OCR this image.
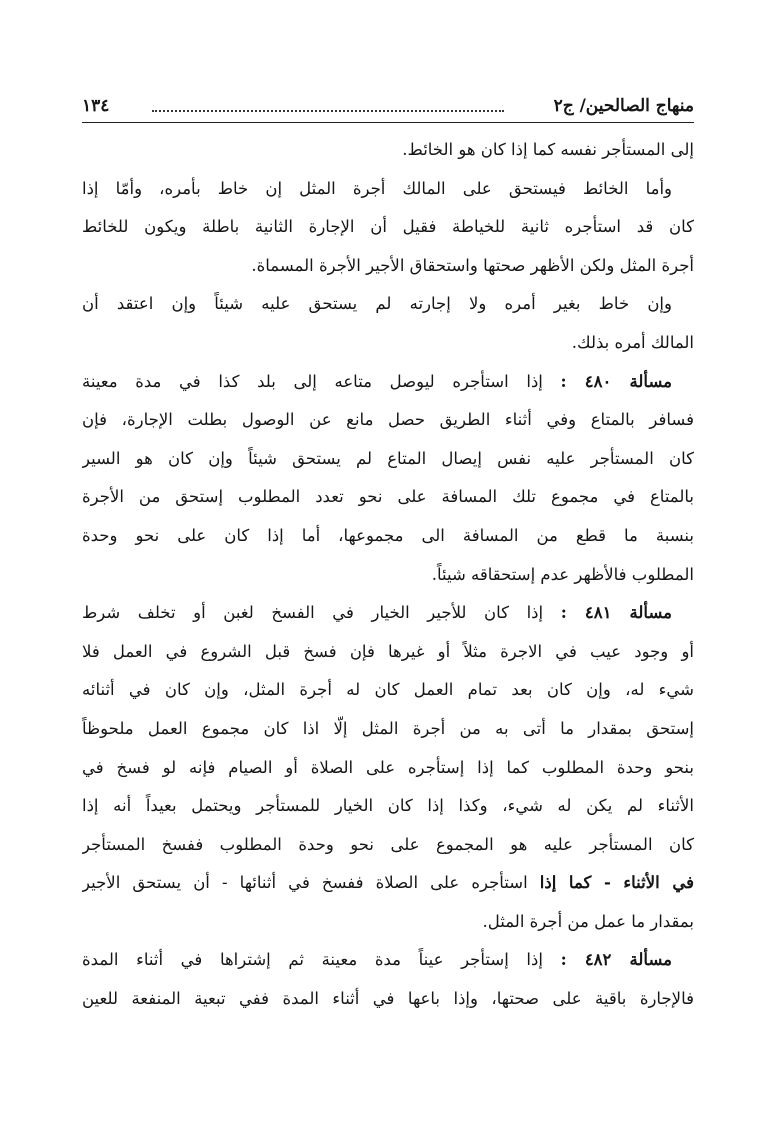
منهاج الصالحين/ ج٢
١٣٤
إلى المستأجر نفسه كما إذا كان هو الخائط.
وأما الخائط فيستحق على المالك أجرة المثل إن خاط بأمره، وأمّا إذا
كان قد استأجره ثانية للخياطة فقيل أن الإجارة الثانية باطلة ويكون للخائط
أجرة المثل ولكن الأظهر صحتها واستحقاق الأجير الأجرة المسماة.
وإن خاط بغير أمره ولا إجارته لم يستحق عليه شيئاً وإن اعتقد أن
المالك أمره بذلك.
مسألة ٤٨٠ : إذا استأجره ليوصل متاعه إلى بلد كذا في مدة معينة
فسافر بالمتاع وفي أثناء الطريق حصل مانع عن الوصول بطلت الإجارة، فإن
كان المستأجر عليه نفس إيصال المتاع لم يستحق شيئاً وإن كان هو السير
بالمتاع في مجموع تلك المسافة على نحو تعدد المطلوب إستحق من الأجرة
بنسبة ما قطع من المسافة الى مجموعها، أما إذا كان على نحو وحدة
المطلوب فالأظهر عدم إستحقاقه شيئاً.
مسألة ٤٨١ : إذا كان للأجير الخيار في الفسخ لغبن أو تخلف شرط
أو وجود عيب في الاجرة مثلاً أو غيرها فإن فسخ قبل الشروع في العمل فلا
شيء له، وإن كان بعد تمام العمل كان له أجرة المثل، وإن كان في أثنائه
إستحق بمقدار ما أتى به من أجرة المثل إلّا اذا كان مجموع العمل ملحوظاً
بنحو وحدة المطلوب كما إذا إستأجره على الصلاة أو الصيام فإنه لو فسخ في
الأثناء لم يكن له شيء، وكذا إذا كان الخيار للمستأجر ويحتمل بعيداً أنه إذا
كان المستأجر عليه هو المجموع على نحو وحدة المطلوب ففسخ المستأجر
في الأثناء - كما إذا استأجره على الصلاة ففسخ في أثنائها - أن يستحق الأجير
بمقدار ما عمل من أجرة المثل.
مسألة ٤٨٢ : إذا إستأجر عيناً مدة معينة ثم إشتراها في أثناء المدة
فالإجارة باقية على صحتها، وإذا باعها في أثناء المدة ففي تبعية المنفعة للعين
